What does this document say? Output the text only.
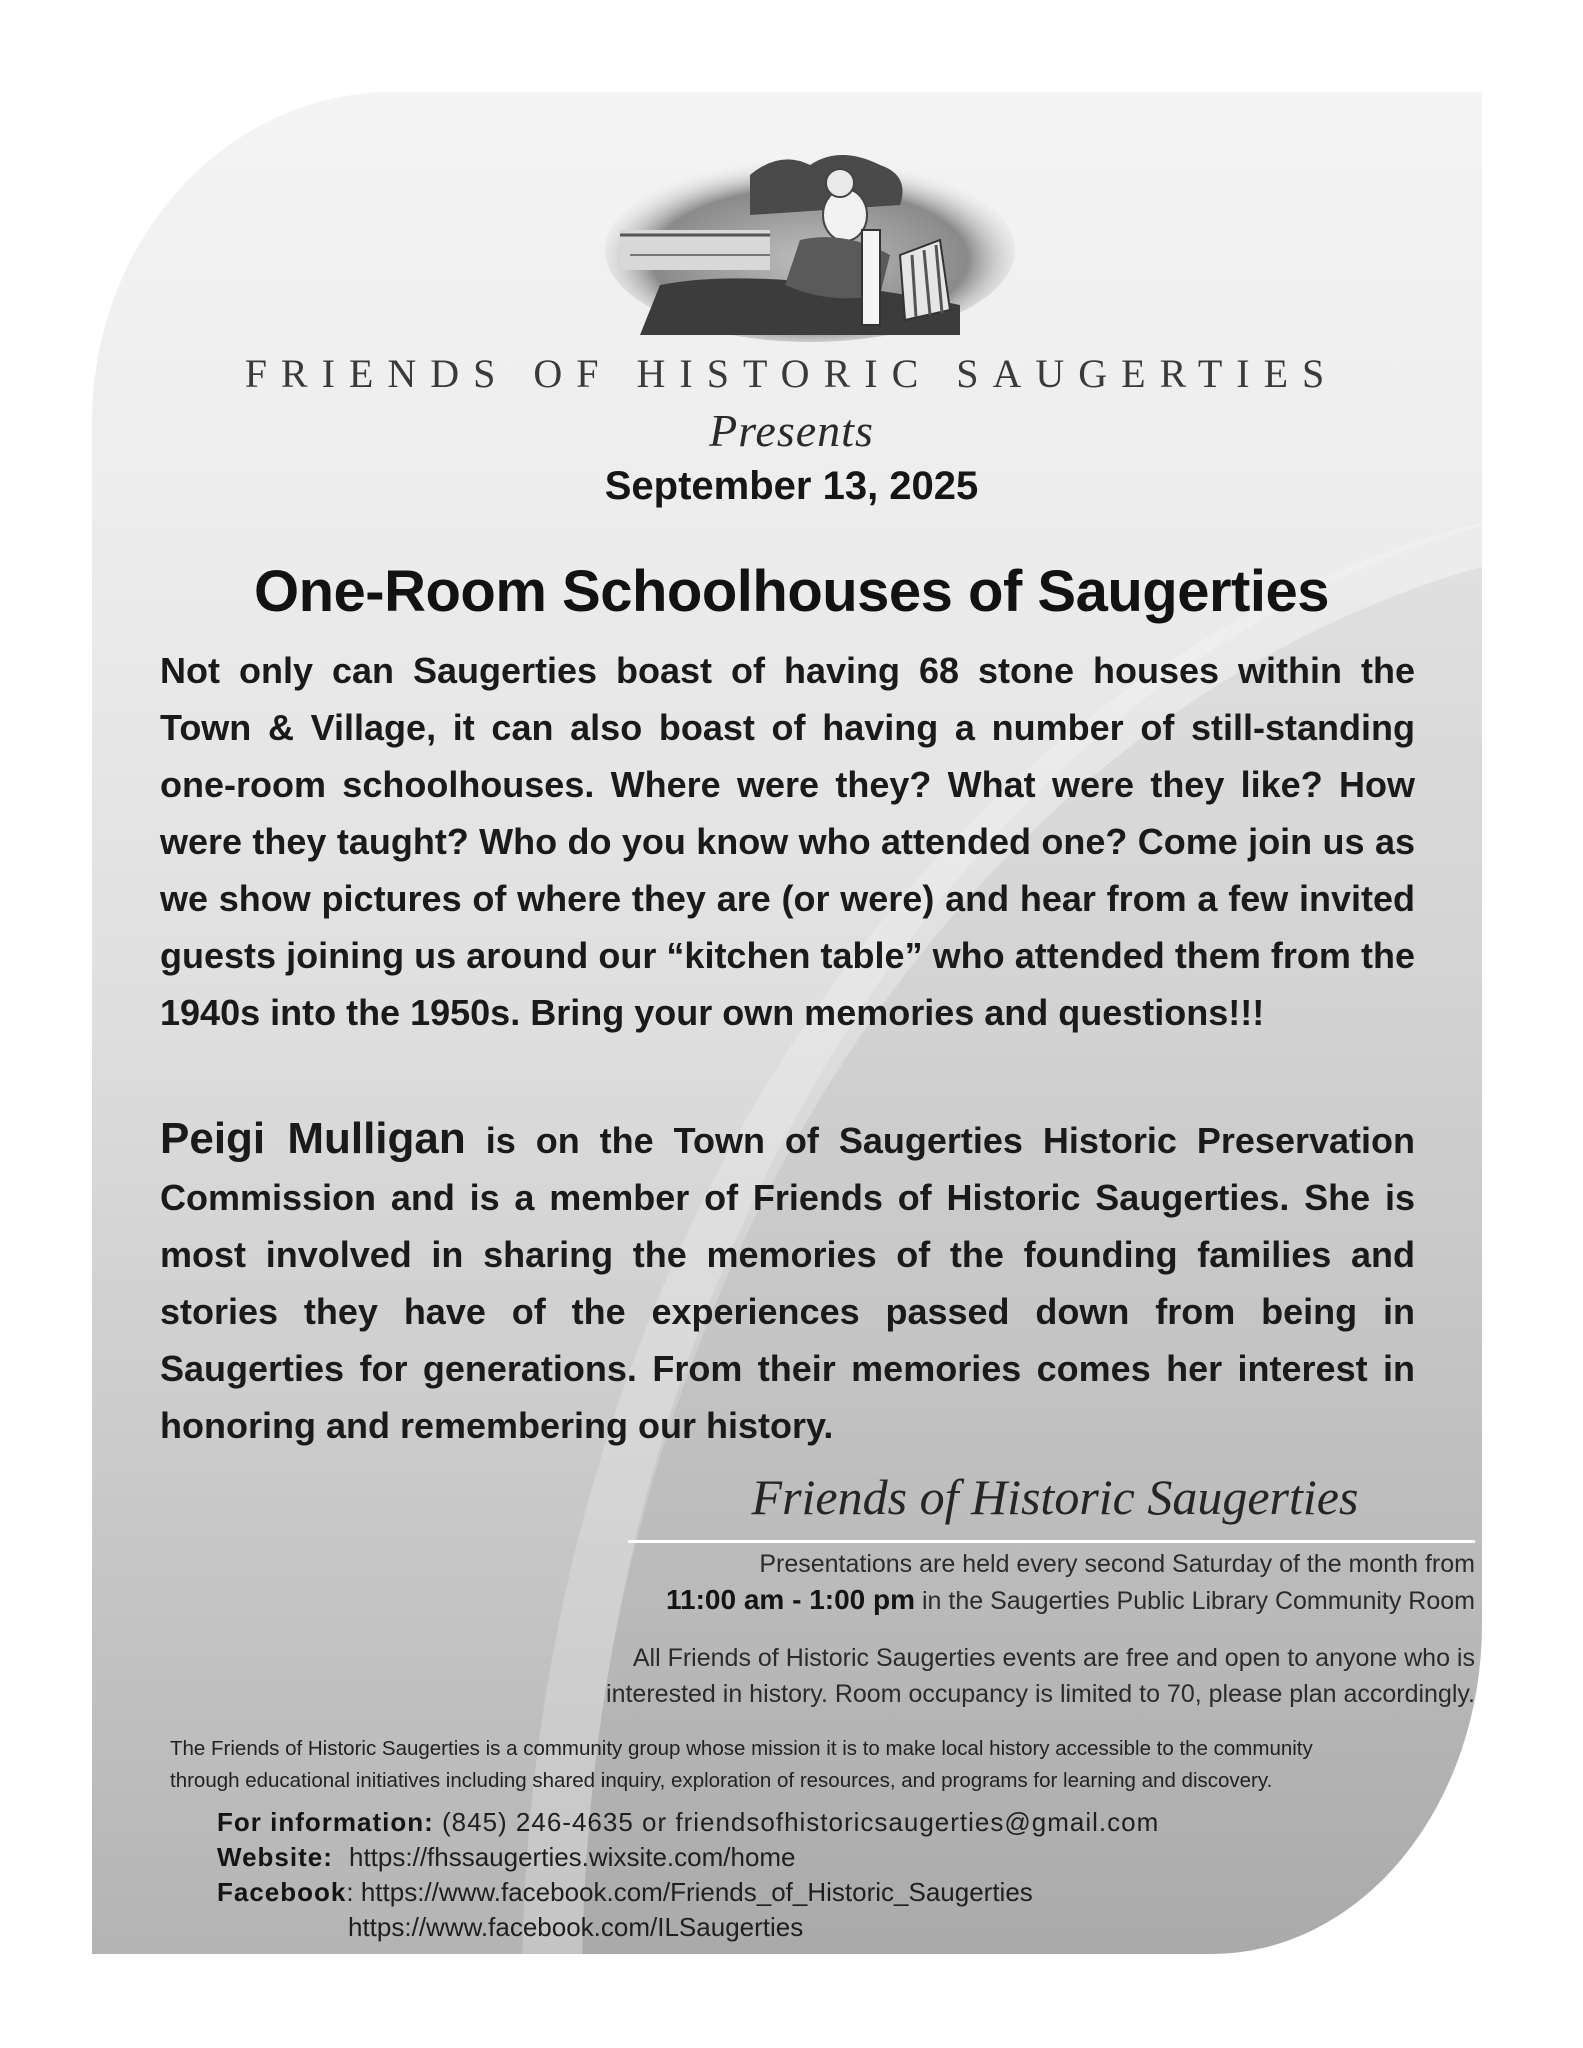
FRIENDS OF HISTORIC SAUGERTIES
Presents
September 13, 2025
One-Room Schoolhouses of Saugerties

Not only can Saugerties boast of having 68 stone houses within the Town & Village, it can also boast of having a number of still-standing one-room schoolhouses. Where were they? What were they like? How were they taught? Who do you know who attended one? Come join us as we show pictures of where they are (or were) and hear from a few invited guests joining us around our “kitchen table” who attended them from the 1940s into the 1950s. Bring your own memories and questions!!!

Peigi Mulligan is on the Town of Saugerties Historic Preservation Commission and is a member of Friends of Historic Saugerties. She is most involved in sharing the memories of the founding families and stories they have of the experiences passed down from being in Saugerties for generations. From their memories comes her interest in honoring and remembering our history.

Friends of Historic Saugerties

Presentations are held every second Saturday of the month from

11:00 am - 1:00 pm in the Saugerties Public Library Community Room

All Friends of Historic Saugerties events are free and open to anyone who is

interested in history. Room occupancy is limited to 70, please plan accordingly.

The Friends of Historic Saugerties is a community group whose mission it is to make local history accessible to the community

through educational initiatives including shared inquiry, exploration of resources, and programs for learning and discovery.

For information: (845) 246-4635 or friendsofhistoricsaugerties@gmail.com

Website: https://fhssaugerties.wixsite.com/home

Facebook: https://www.facebook.com/Friends_of_Historic_Saugerties

https://www.facebook.com/ILSaugerties
